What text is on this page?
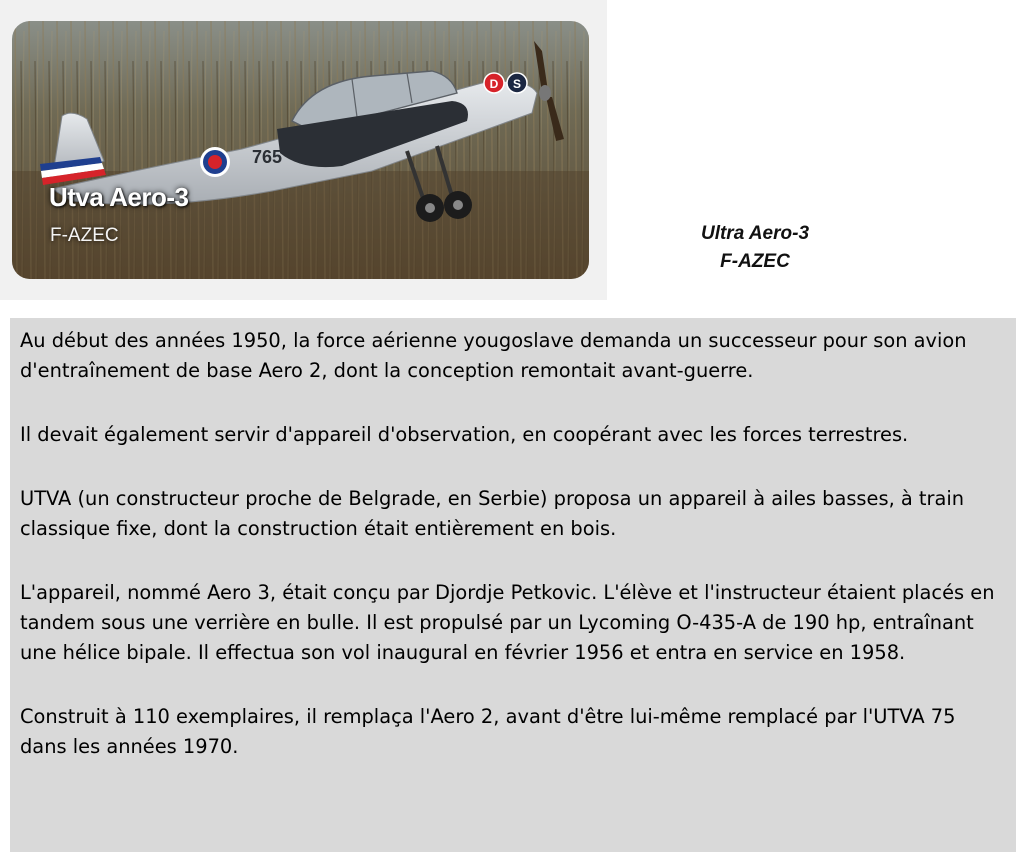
D S
765
Utva Aero-3
F-AZEC	Ultra Aero-3
F-AZEC

Au début des années 1950, la force aérienne yougoslave demanda un successeur pour son avion d'entraînement de base Aero 2, dont la conception remontait avant-guerre.

Il devait également servir d'appareil d'observation, en coopérant avec les forces terrestres.

UTVA (un constructeur proche de Belgrade, en Serbie) proposa un appareil à ailes basses, à train classique fixe, dont la construction était entièrement en bois.

L'appareil, nommé Aero 3, était conçu par Djordje Petkovic. L'élève et l'instructeur étaient placés en tandem sous une verrière en bulle. Il est propulsé par un Lycoming O-435-A de 190 hp, entraînant une hélice bipale. Il effectua son vol inaugural en février 1956 et entra en service en 1958.

Construit à 110 exemplaires, il remplaça l'Aero 2, avant d'être lui-même remplacé par l'UTVA 75 dans les années 1970.
